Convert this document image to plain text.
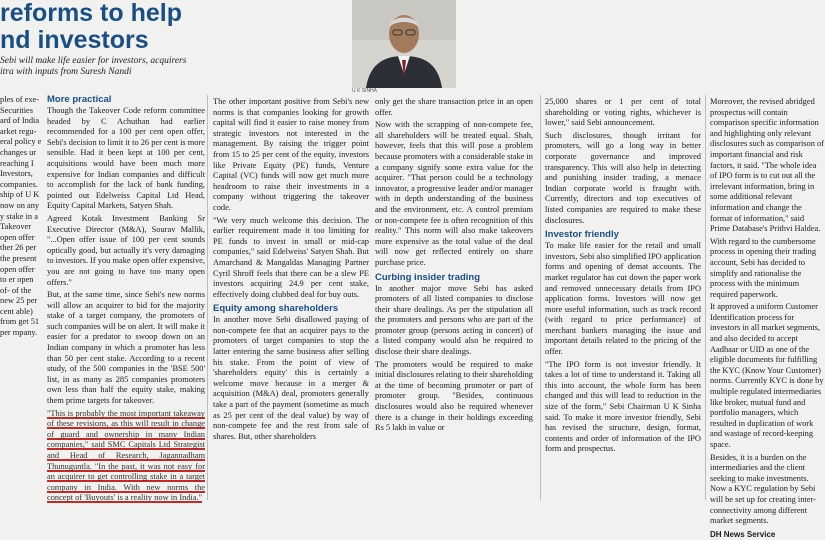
reforms to help
nd investors
Sebi will make life easier for investors, acquirers
itra with inputs from Suresh Nandi
U K SINHA

ples of exe- Securities ard of India arket regu- eral policy e changes ur reaching I Investors, companies. ship of U K now on any y stake in a Takeover open offer ther 26 per the present open offer to er open of- of the new 25 per cent able) from get 51 per mpany.

More practical

Though the Takeover Code reform committee headed by C Achuthan had earlier recommended for a 100 per cent open offer, Sebi's decision to limit it to 26 per cent is more sensible. Had it been kept at 100 per cent, acquisitions would have been much more expensive for Indian companies and difficult to accomplish for the lack of bank funding, pointed out Edelweiss Capital Ltd Head, Equity Capital Markets, Satyen Shah.

Agreed Kotak Investment Banking Sr Executive Director (M&A), Sourav Mallik, "...Open offer issue of 100 per cent sounds optically good, but actually it's very damaging to investors. If you make open offer expensive, you are not going to have too many open offers."

But, at the same time, since Sebi's new norms will allow an acquirer to bid for the majority stake of a target company, the promoters of such companies will be on alert. It will make it easier for a predator to swoop down on an Indian company in which a promoter has less than 50 per cent stake. According to a recent study, of the 500 companies in the 'BSE 500' list, in as many as 285 companies promoters own less than half the equity stake, making them prime targets for takeover.

"This is probably the most important takeaway of these revisions, as this will result in change of guard and ownership in many Indian companies," said SMC Capitals Ltd Strategist and Head of Research, Jagannadham Thunuguntla. "In the past, it was not easy for an acquirer to get controlling stake in a target company in India. With new norms the concept of 'Buyouts' is a reality now in India."

The other important positive from Sebi's new norms is that companies looking for growth capital will find it easier to raise money from strategic investors not interested in the management. By raising the trigger point from 15 to 25 per cent of the equity, investors like Private Equity (PE) funds, Venture Capital (VC) funds will now get much more headroom to raise their investments in a company without triggering the takeover code.

"We very much welcome this decision. The earlier requirement made it too limiting for PE funds to invest in small or mid-cap companies," said Edelweiss' Satyen Shah. But Amarchand & Mangaldas Managing Partner Cyril Shroff feels that there can be a slew PE investors acquiring 24.9 per cent stake, effectively doing clubbed deal for buy outs.

Equity among shareholders

In another move Sebi disallowed paying of non-compete fee that an acquirer pays to the promoters of target companies to stop the latter entering the same business after selling his stake. From the point of view of 'shareholders equity' this is certainly a welcome move because in a merger & acquisition (M&A) deal, promoters generally take a part of the payment (sometime as much as 25 per cent of the deal value) by way of non-compete fee and the rest from sale of shares. But, other shareholders

only get the share transaction price in an open offer.

Now with the scrapping of non-compete fee, all shareholders will be treated equal. Shah, however, feels that this will pose a problem because promoters with a considerable stake in a company signify some extra value for the acquirer. "That person could be a technology innovator, a progressive leader and/or manager with in depth understanding of the business and the environment, etc. A control premium or non-compete fee is often recognition of this reality." This norm will also make takeovers more expensive as the total value of the deal will now get reflected entirely on share purchase price.

Curbing insider trading

In another major move Sebi has asked promoters of all listed companies to disclose their share dealings. As per the stipulation all the promoters and persons who are part of the promoter group (persons acting in concert) of a listed company would also be required to disclose their share dealings.

The promoters would be required to make initial disclosures relating to their shareholding at the time of becoming promoter or part of promoter group. "Besides, continuous disclosures would also be required whenever there is a change in their holdings exceeding Rs 5 lakh in value or

25,000 shares or 1 per cent of total shareholding or voting rights, whichever is lower," said Sebi announcement.

Such disclosures, though irritant for promoters, will go a long way in better corporate governance and improved transparency. This will also help in detecting and punishing insider trading, a menace Indian corporate world is fraught with. Currently, directors and top executives of listed companies are required to make these disclosures.

Investor friendly

To make life easier for the retail and small investors, Sebi also simplified IPO application forms and opening of demat accounts. The market regulator has cut down the paper work and removed unnecessary details from IPO application forms. Investors will now get more useful information, such as track record (with regard to price performance) of merchant bankers managing the issue and important details related to the pricing of the offer.

"The IPO form is not investor friendly. It takes a lot of time to understand it. Taking all this into account, the whole form has been changed and this will lead to reduction in the size of the form," Sebi Chairman U K Sinha said. To make it more investor friendly, Sebi has revised the structure, design, format, contents and order of information of the IPO form and prospectus.

Moreover, the revised abridged prospectus will contain comparison specific information and highlighting only relevant disclosures such as comparison of important financial and risk factors, it said. "The whole idea of IPO form is to cut out all the irrelevant information, bring in some additional relevant information and change the format of information," said Prime Database's Prithvi Haldea.

With regard to the cumbersome process in opening their trading account, Sebi has decided to simplify and rationalise the process with the minimum required paperwork.

It approved a uniform Customer Identification process for investors in all market segments, and also decided to accept Aadhaar or UID as one of the eligible documents for fulfilling the KYC (Know Your Customer) norms. Currently KYC is done by multiple regulated intermediaries like broker, mutual fund and portfolio managers, which resulted in duplication of work and wastage of record-keeping space.

Besides, it is a burden on the intermediaries and the client seeking to make investments. Now a KYC regulation by Sebi will be set up for creating inter-connectivity among different market segments.

DH News Service
